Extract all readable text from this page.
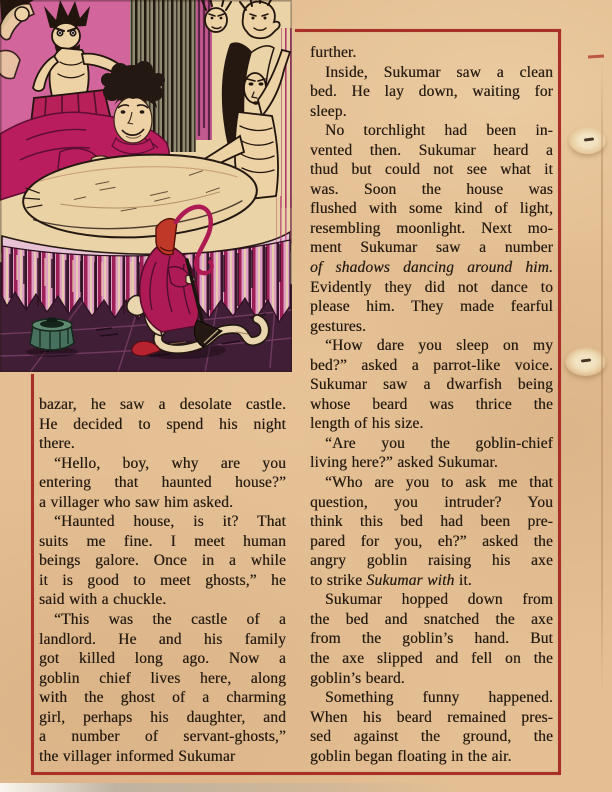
bazar, he saw a desolate castle.
He decided to spend his night
there.
“Hello, boy, why are you
entering that haunted house?”
a villager who saw him asked.
“Haunted house, is it? That
suits me fine. I meet human
beings galore. Once in a while
it is good to meet ghosts,” he
said with a chuckle.
“This was the castle of a
landlord. He and his family
got killed long ago. Now a
goblin chief lives here, along
with the ghost of a charming
girl, perhaps his daughter, and
a number of servant-ghosts,”
the villager informed Sukumar
further.
Inside, Sukumar saw a clean
bed. He lay down, waiting for
sleep.
No torchlight had been in-
vented then. Sukumar heard a
thud but could not see what it
was. Soon the house was
flushed with some kind of light,
resembling moonlight. Next mo-
ment Sukumar saw a number
of shadows dancing around him.
Evidently they did not dance to
please him. They made fearful
gestures.
“How dare you sleep on my
bed?” asked a parrot-like voice.
Sukumar saw a dwarfish being
whose beard was thrice the
length of his size.
“Are you the goblin-chief
living here?” asked Sukumar.
“Who are you to ask me that
question, you intruder? You
think this bed had been pre-
pared for you, eh?” asked the
angry goblin raising his axe
to strike Sukumar with it.
Sukumar hopped down from
the bed and snatched the axe
from the goblin’s hand. But
the axe slipped and fell on the
goblin’s beard.
Something funny happened.
When his beard remained pres-
sed against the ground, the
goblin began floating in the air.
